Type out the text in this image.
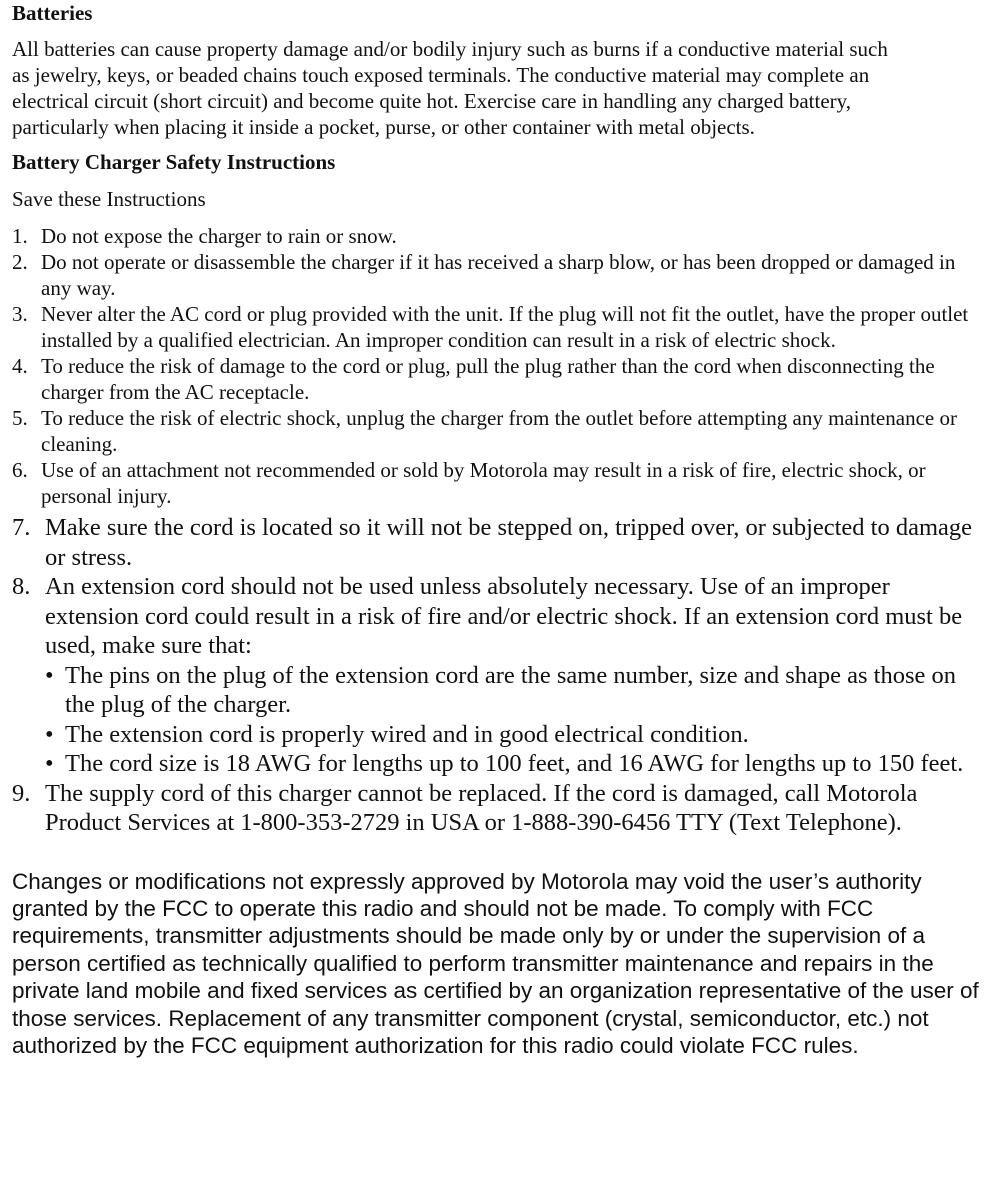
Batteries

All batteries can cause property damage and/or bodily injury such as burns if a conductive material such as jewelry, keys, or beaded chains touch exposed terminals. The conductive material may complete an electrical circuit (short circuit) and become quite hot. Exercise care in handling any charged battery, particularly when placing it inside a pocket, purse, or other container with metal objects.

Battery Charger Safety Instructions
Save these Instructions
1. Do not expose the charger to rain or snow.
2. Do not operate or disassemble the charger if it has received a sharp blow, or has been dropped or damaged in any way.
3. Never alter the AC cord or plug provided with the unit. If the plug will not fit the outlet, have the proper outlet installed by a qualified electrician. An improper condition can result in a risk of electric shock.
4. To reduce the risk of damage to the cord or plug, pull the plug rather than the cord when disconnecting the charger from the AC receptacle.
5. To reduce the risk of electric shock, unplug the charger from the outlet before attempting any maintenance or cleaning.
6. Use of an attachment not recommended or sold by Motorola may result in a risk of fire, electric shock, or personal injury.
7. Make sure the cord is located so it will not be stepped on, tripped over, or subjected to damage or stress.
8. An extension cord should not be used unless absolutely necessary. Use of an improper extension cord could result in a risk of fire and/or electric shock. If an extension cord must be used, make sure that:
• The pins on the plug of the extension cord are the same number, size and shape as those on the plug of the charger.
• The extension cord is properly wired and in good electrical condition.
• The cord size is 18 AWG for lengths up to 100 feet, and 16 AWG for lengths up to 150 feet.
9. The supply cord of this charger cannot be replaced. If the cord is damaged, call Motorola Product Services at 1-800-353-2729 in USA or 1-888-390-6456 TTY (Text Telephone).

Changes or modifications not expressly approved by Motorola may void the user’s authority granted by the FCC to operate this radio and should not be made. To comply with FCC requirements, transmitter adjustments should be made only by or under the supervision of a person certified as technically qualified to perform transmitter maintenance and repairs in the private land mobile and fixed services as certified by an organization representative of the user of those services. Replacement of any transmitter component (crystal, semiconductor, etc.) not authorized by the FCC equipment authorization for this radio could violate FCC rules.
